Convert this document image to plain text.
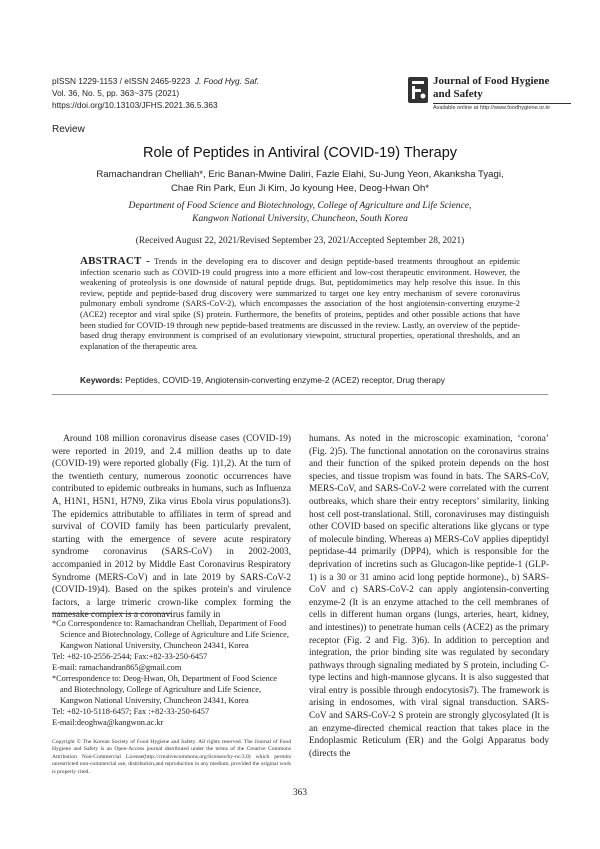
pISSN 1229-1153 / eISSN 2465-9223 J. Food Hyg. Saf.
Vol. 36, No. 5, pp. 363~375 (2021)
https://doi.org/10.13103/JFHS.2021.36.5.363
Journal of Food Hygiene
and Safety
Available online at http://www.foodhygiene.or.kr
Review
Role of Peptides in Antiviral (COVID-19) Therapy
Ramachandran Chelliah*, Eric Banan-Mwine Daliri, Fazle Elahi, Su-Jung Yeon, Akanksha Tyagi,
Chae Rin Park, Eun Ji Kim, Jo kyoung Hee, Deog-Hwan Oh*
Department of Food Science and Biotechnology, College of Agriculture and Life Science,
Kangwon National University, Chuncheon, South Korea
(Received August 22, 2021/Revised September 23, 2021/Accepted September 28, 2021)
ABSTRACT - Trends in the developing era to discover and design peptide-based treatments throughout an epidemic infection scenario such as COVID-19 could progress into a more efficient and low-cost therapeutic environment. However, the weakening of proteolysis is one downside of natural peptide drugs. But, peptidomimetics may help resolve this issue. In this review, peptide and peptide-based drug discovery were summarized to target one key entry mechanism of severe coronavirus pulmonary emboli syndrome (SARS-CoV-2), which encompasses the association of the host angiotensin-converting enzyme-2 (ACE2) receptor and viral spike (S) protein. Furthermore, the benefits of proteins, peptides and other possible actions that have been studied for COVID-19 through new peptide-based treatments are discussed in the review. Lastly, an overview of the peptide-based drug therapy environment is comprised of an evolutionary viewpoint, structural properties, operational thresholds, and an explanation of the therapeutic area.
Keywords: Peptides, COVID-19, Angiotensin-converting enzyme-2 (ACE2) receptor, Drug therapy

Around 108 million coronavirus disease cases (COVID-19) were reported in 2019, and 2.4 million deaths up to date (COVID-19) were reported globally (Fig. 1)1,2). At the turn of the twentieth century, numerous zoonotic occurrences have contributed to epidemic outbreaks in humans, such as Influenza A, H1N1, H5N1, H7N9, Zika virus Ebola virus populations3). The epidemics attributable to affiliates in term of spread and survival of COVID family has been particularly prevalent, starting with the emergence of severe acute respiratory syndrome coronavirus (SARS-CoV) in 2002-2003, accompanied in 2012 by Middle East Coronavirus Respiratory Syndrome (MERS-CoV) and in late 2019 by SARS-CoV-2 (COVID-19)4). Based on the spikes protein's and virulence factors, a large trimeric crown-like complex forming the namesake complex is a coronavirus family in

humans. As noted in the microscopic examination, ‘corona’ (Fig. 2)5). The functional annotation on the coronavirus strains and their function of the spiked protein depends on the host species, and tissue tropism was found in bats. The SARS-CoV, MERS-CoV, and SARS-CoV-2 were correlated with the current outbreaks, which share their entry receptors’ similarity, linking host cell post-translational. Still, coronaviruses may distinguish other COVID based on specific alterations like glycans or type of molecule binding. Whereas a) MERS-CoV applies dipeptidyl peptidase-44 primarily (DPP4), which is responsible for the deprivation of incretins such as Glucagon-like peptide-1 (GLP-1) is a 30 or 31 amino acid long peptide hormone)., b) SARS-CoV and c) SARS-CoV-2 can apply angiotensin-converting enzyme-2 (It is an enzyme attached to the cell membranes of cells in different human organs (lungs, arteries, heart, kidney, and intestines)) to penetrate human cells (ACE2) as the primary receptor (Fig. 2 and Fig. 3)6). In addition to perception and integration, the prior binding site was regulated by secondary pathways through signaling mediated by S protein, including C-type lectins and high-mannose glycans. It is also suggested that viral entry is possible through endocytosis7). The framework is arising in endosomes, with viral signal transduction. SARS-CoV and SARS-CoV-2 S protein are strongly glycosylated (It is an enzyme-directed chemical reaction that takes place in the Endoplasmic Reticulum (ER) and the Golgi Apparatus body (directs the

*Co Correspondence to: Ramachandran Chelliah, Department of Food Science and Biotechnology, College of Agriculture and Life Science, Kangwon National University, Chuncheon 24341, Korea
Tel: +82-10-2556-2544; Fax:+82-33-250-6457
E-mail: ramachandran865@gmail.com
*Correspondence to: Deog-Hwan, Oh, Department of Food Science and Biotechnology, College of Agriculture and Life Science, Kangwon National University, Chuncheon 24341, Korea
Tel: +82-10-5118-6457; Fax :+82-33-250-6457
E-mail:deoghwa@kangwon.ac.kr
Copyright © The Korean Society of Food Hygiene and Safety. All rights reserved. The Journal of Food Hygiene and Safety is an Open-Access journal distributed under the terms of the Creative Commons Attribution Non-Commercial License(http://creativecommons.org/licenses/by-nc/3.0) which permits unrestricted non-commercial use, distribution,and reproduction in any medium, provided the original work is properly cited.
363
